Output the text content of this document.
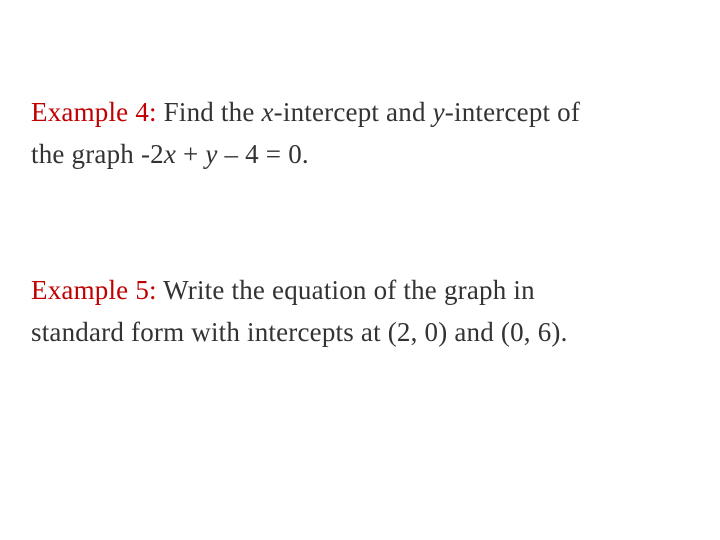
Example 4: Find the x-intercept and y-intercept of
the graph -2x + y – 4 = 0.
Example 5: Write the equation of the graph in
standard form with intercepts at (2, 0) and (0, 6).
